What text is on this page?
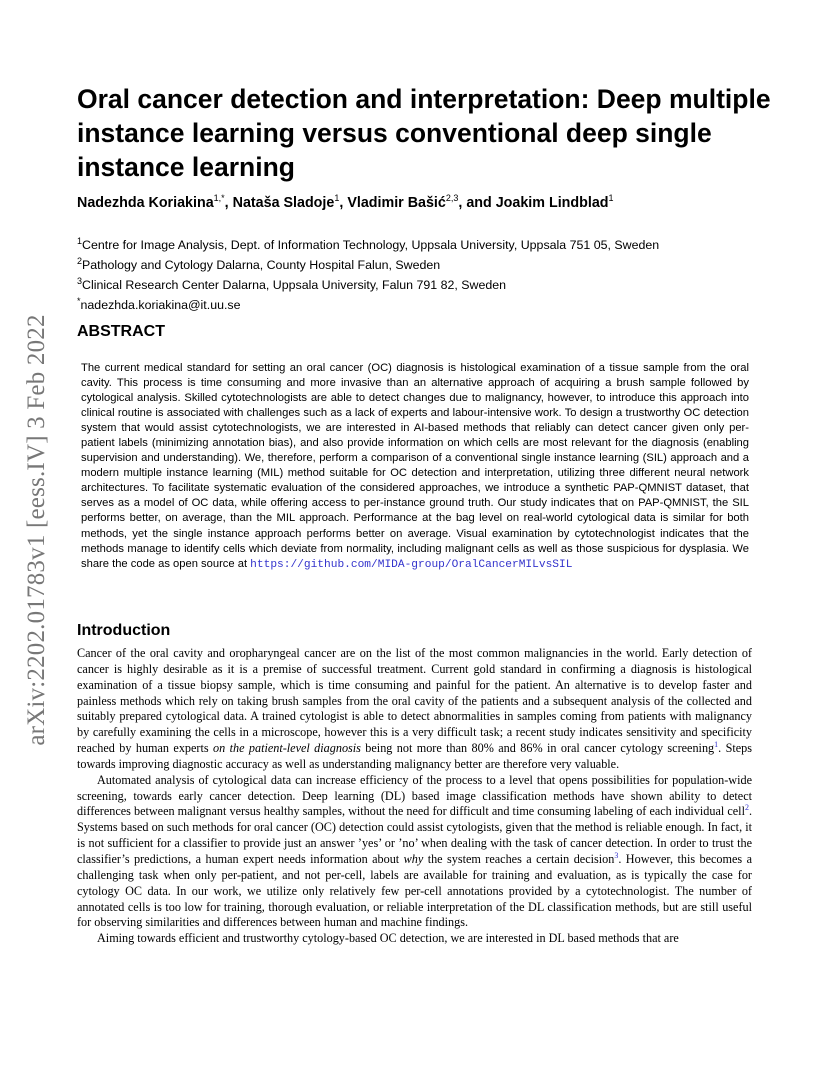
arXiv:2202.01783v1 [eess.IV] 3 Feb 2022
Oral cancer detection and interpretation: Deep multiple instance learning versus conventional deep single instance learning
Nadezhda Koriakina$^{1,*}$, Nataša Sladoje$^1$, Vladimir Bašić$^{2,3}$, and Joakim Lindblad$^1$
$^1$Centre for Image Analysis, Dept. of Information Technology, Uppsala University, Uppsala 751 05, Sweden
$^2$Pathology and Cytology Dalarna, County Hospital Falun, Sweden
$^3$Clinical Research Center Dalarna, Uppsala University, Falun 791 82, Sweden
*nadezhda.koriakina@it.uu.se
ABSTRACT

The current medical standard for setting an oral cancer (OC) diagnosis is histological examination of a tissue sample from the oral cavity. This process is time consuming and more invasive than an alternative approach of acquiring a brush sample followed by cytological analysis. Skilled cytotechnologists are able to detect changes due to malignancy, however, to introduce this approach into clinical routine is associated with challenges such as a lack of experts and labour-intensive work. To design a trustworthy OC detection system that would assist cytotechnologists, we are interested in AI-based methods that reliably can detect cancer given only per-patient labels (minimizing annotation bias), and also provide information on which cells are most relevant for the diagnosis (enabling supervision and understanding). We, therefore, perform a comparison of a conventional single instance learning (SIL) approach and a modern multiple instance learning (MIL) method suitable for OC detection and interpretation, utilizing three different neural network architectures. To facilitate systematic evaluation of the considered approaches, we introduce a synthetic PAP-QMNIST dataset, that serves as a model of OC data, while offering access to per-instance ground truth. Our study indicates that on PAP-QMNIST, the SIL performs better, on average, than the MIL approach. Performance at the bag level on real-world cytological data is similar for both methods, yet the single instance approach performs better on average. Visual examination by cytotechnologist indicates that the methods manage to identify cells which deviate from normality, including malignant cells as well as those suspicious for dysplasia. We share the code as open source at https://github.com/MIDA-group/OralCancerMILvsSIL

Introduction

Cancer of the oral cavity and oropharyngeal cancer are on the list of the most common malignancies in the world. Early detection of cancer is highly desirable as it is a premise of successful treatment. Current gold standard in confirming a diagnosis is histological examination of a tissue biopsy sample, which is time consuming and painful for the patient. An alternative is to develop faster and painless methods which rely on taking brush samples from the oral cavity of the patients and a subsequent analysis of the collected and suitably prepared cytological data. A trained cytologist is able to detect abnormalities in samples coming from patients with malignancy by carefully examining the cells in a microscope, however this is a very difficult task; a recent study indicates sensitivity and specificity reached by human experts on the patient-level diagnosis being not more than 80% and 86% in oral cancer cytology screening$^1$. Steps towards improving diagnostic accuracy as well as understanding malignancy better are therefore very valuable.

Automated analysis of cytological data can increase efficiency of the process to a level that opens possibilities for population-wide screening, towards early cancer detection. Deep learning (DL) based image classification methods have shown ability to detect differences between malignant versus healthy samples, without the need for difficult and time consuming labeling of each individual cell$^2$. Systems based on such methods for oral cancer (OC) detection could assist cytologists, given that the method is reliable enough. In fact, it is not sufficient for a classifier to provide just an answer ’yes’ or ’no’ when dealing with the task of cancer detection. In order to trust the classifier’s predictions, a human expert needs information about why the system reaches a certain decision$^3$. However, this becomes a challenging task when only per-patient, and not per-cell, labels are available for training and evaluation, as is typically the case for cytology OC data. In our work, we utilize only relatively few per-cell annotations provided by a cytotechnologist. The number of annotated cells is too low for training, thorough evaluation, or reliable interpretation of the DL classification methods, but are still useful for observing similarities and differences between human and machine findings.

Aiming towards efficient and trustworthy cytology-based OC detection, we are interested in DL based methods that are
